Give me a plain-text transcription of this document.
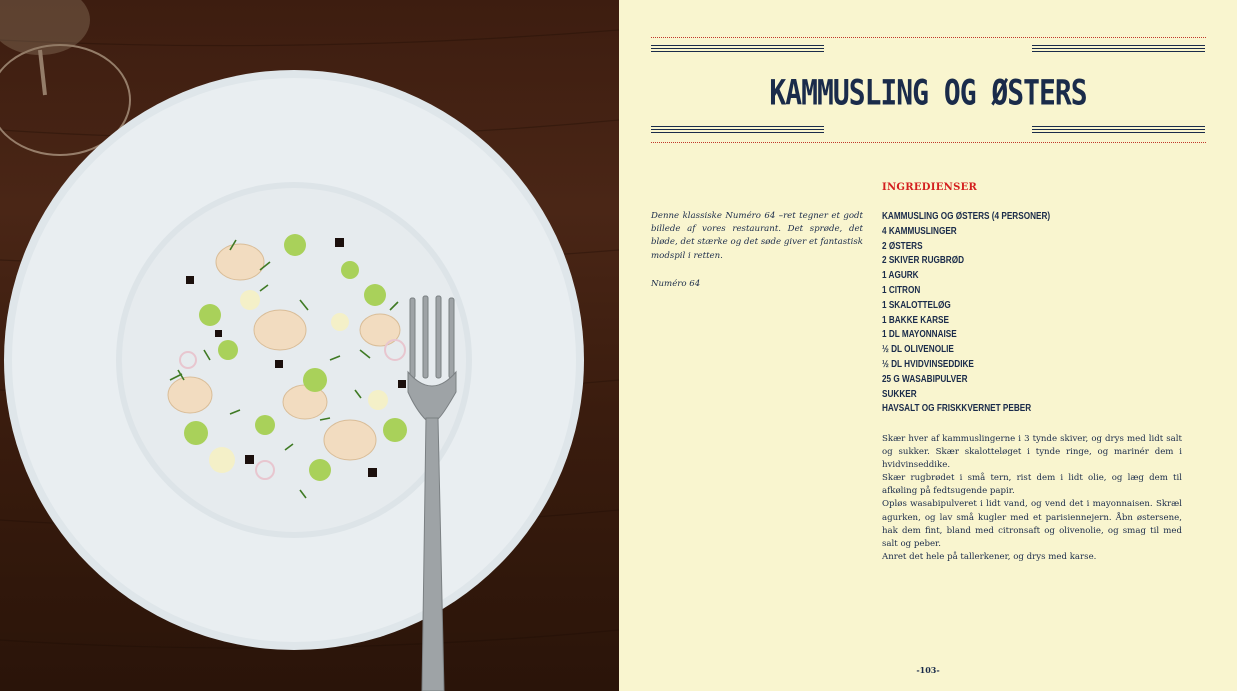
KAMMUSLING OG ØSTERS

Denne klassiske Numéro 64 –ret tegner et godt billede af vores restaurant. Det sprøde, det bløde, det stærke og det søde giver et fantastisk modspil i retten.

Numéro 64

INGREDIENSER
KAMMUSLING OG ØSTERS (4 PERSONER)
4 KAMMUSLINGER
2 ØSTERS
2 SKIVER RUGBRØD
1 AGURK
1 CITRON
1 SKALOTTELØG
1 BAKKE KARSE
1 DL MAYONNAISE
½ DL OLIVENOLIE
½ DL HVIDVINSEDDIKE
25 G WASABIPULVER
SUKKER
HAVSALT OG FRISKKVERNET PEBER

Skær hver af kammuslingerne i 3 tynde skiver, og drys med lidt salt og sukker. Skær skalotteløget i tynde ringe, og marinér dem i hvidvinseddike.

Skær rugbrødet i små tern, rist dem i lidt olie, og læg dem til afkøling på fedtsugende papir.

Opløs wasabipulveret i lidt vand, og vend det i mayonnaisen. Skræl agurken, og lav små kugler med et parisiennejern. Åbn østersene, hak dem fint, bland med citronsaft og olivenolie, og smag til med salt og peber.

Anret det hele på tallerkener, og drys med karse.

-103-
